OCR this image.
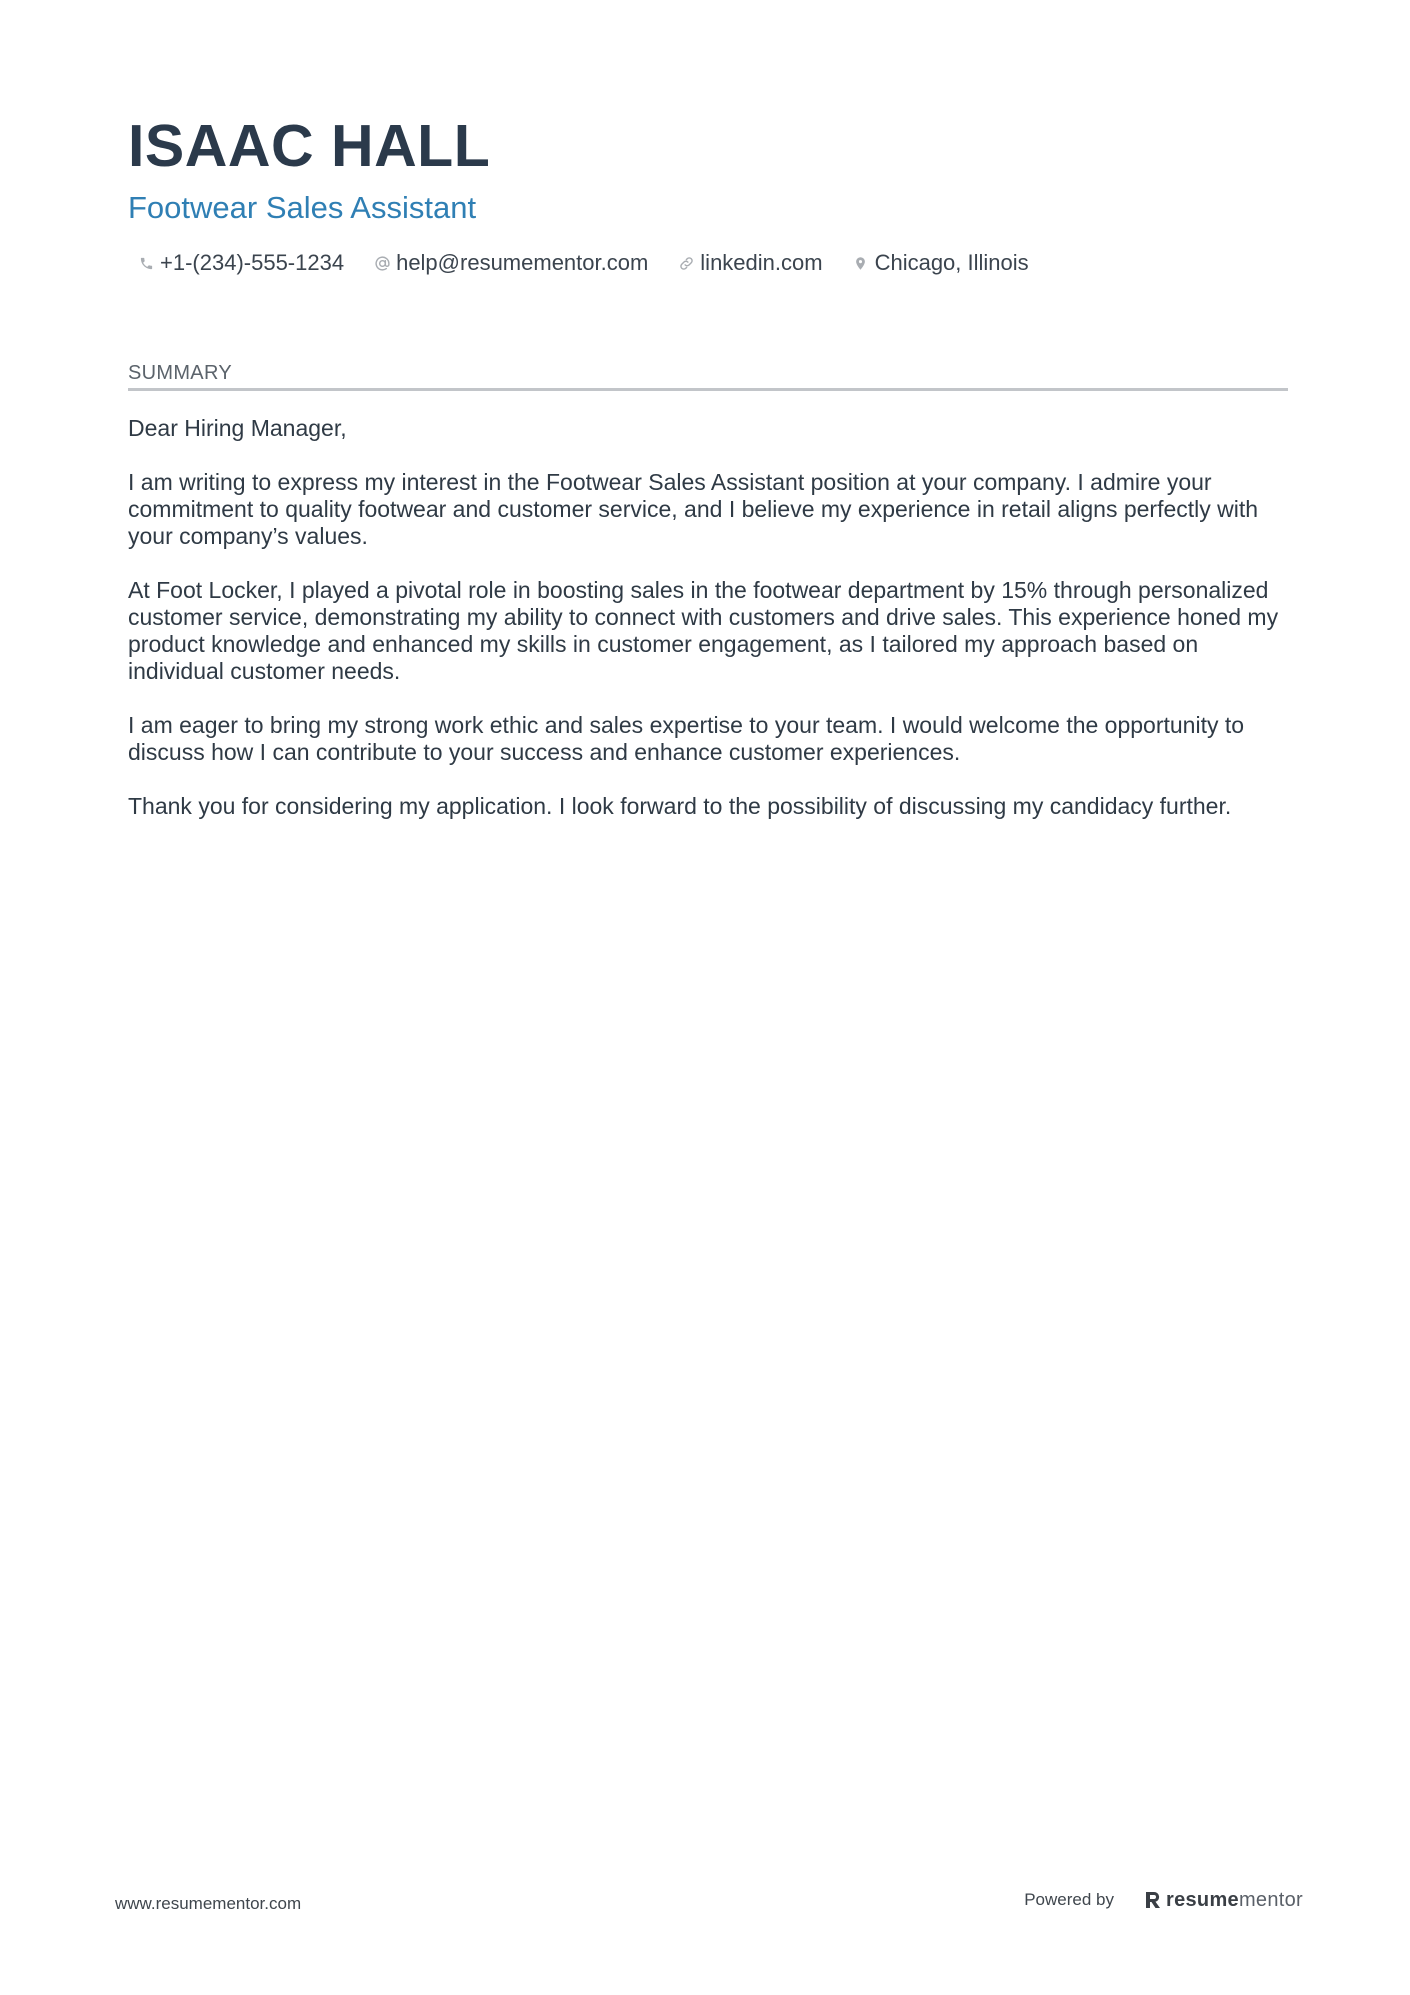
ISAAC HALL
Footwear Sales Assistant
+1-(234)-555-1234 help@resumementor.com linkedin.com Chicago, Illinois
SUMMARY

Dear Hiring Manager,

I am writing to express my interest in the Footwear Sales Assistant position at your company. I admire your commitment to quality footwear and customer service, and I believe my experience in retail aligns perfectly with your company’s values.

At Foot Locker, I played a pivotal role in boosting sales in the footwear department by 15% through personalized customer service, demonstrating my ability to connect with customers and drive sales. This experience honed my product knowledge and enhanced my skills in customer engagement, as I tailored my approach based on individual customer needs.

I am eager to bring my strong work ethic and sales expertise to your team. I would welcome the opportunity to discuss how I can contribute to your success and enhance customer experiences.

Thank you for considering my application. I look forward to the possibility of discussing my candidacy further.

www.resumementor.com	Powered by	resume mentor
